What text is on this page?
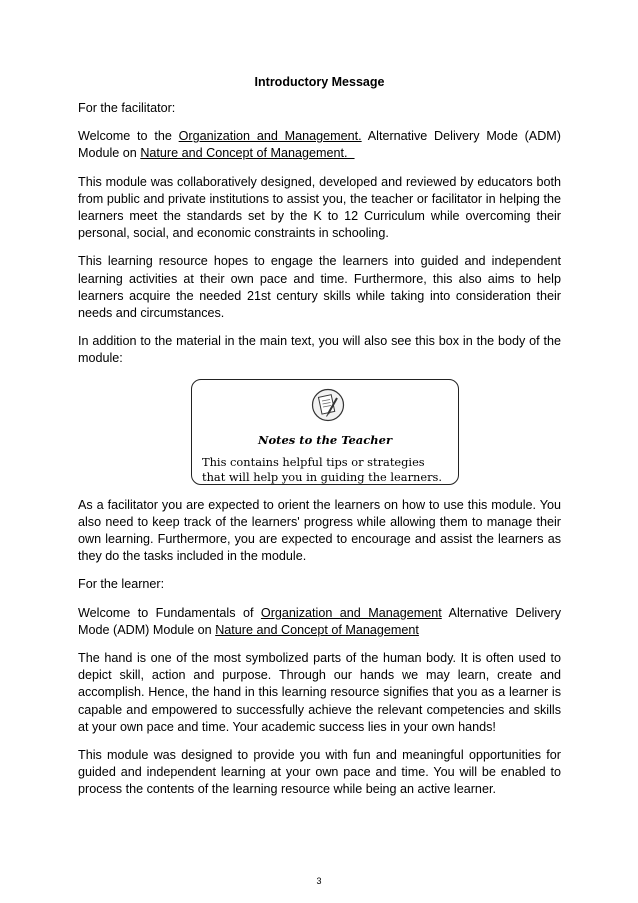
Introductory Message

For the facilitator:

Welcome to the Organization and Management. Alternative Delivery Mode (ADM) Module on Nature and Concept of Management.

This module was collaboratively designed, developed and reviewed by educators both from public and private institutions to assist you, the teacher or facilitator in helping the learners meet the standards set by the K to 12 Curriculum while overcoming their personal, social, and economic constraints in schooling.

This learning resource hopes to engage the learners into guided and independent learning activities at their own pace and time. Furthermore, this also aims to help learners acquire the needed 21st century skills while taking into consideration their needs and circumstances.

In addition to the material in the main text, you will also see this box in the body of the module:

Notes to the Teacher
This contains helpful tips or strategies
that will help you in guiding the learners.

As a facilitator you are expected to orient the learners on how to use this module. You also need to keep track of the learners' progress while allowing them to manage their own learning. Furthermore, you are expected to encourage and assist the learners as they do the tasks included in the module.

For the learner:

Welcome to Fundamentals of Organization and Management Alternative Delivery Mode (ADM) Module on Nature and Concept of Management

The hand is one of the most symbolized parts of the human body. It is often used to depict skill, action and purpose. Through our hands we may learn, create and accomplish. Hence, the hand in this learning resource signifies that you as a learner is capable and empowered to successfully achieve the relevant competencies and skills at your own pace and time. Your academic success lies in your own hands!

This module was designed to provide you with fun and meaningful opportunities for guided and independent learning at your own pace and time. You will be enabled to process the contents of the learning resource while being an active learner.

3
